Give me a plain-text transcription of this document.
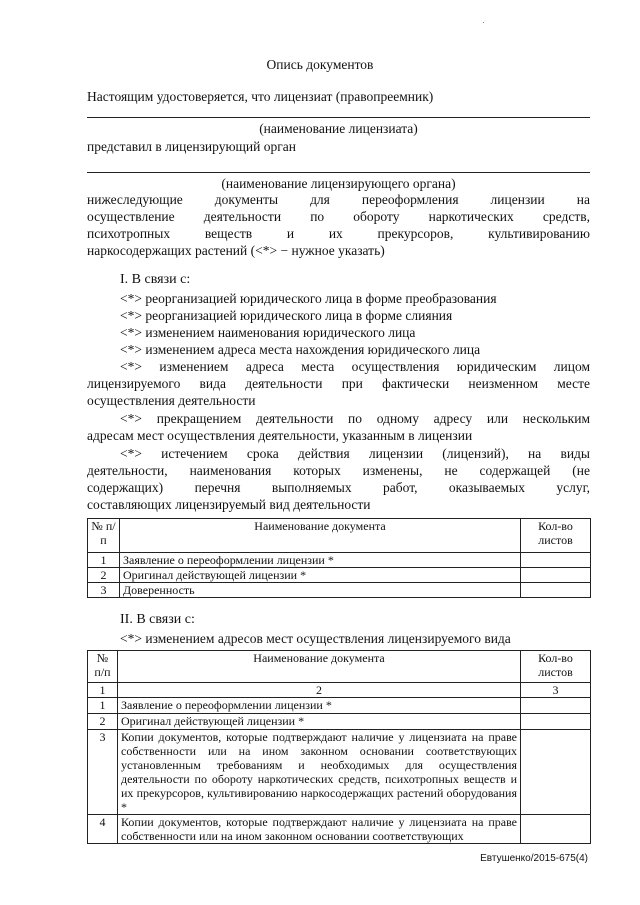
Опись документов
Настоящим удостоверяется, что лицензиат (правопреемник)
(наименование лицензиата)
представил в лицензирующий орган
(наименование лицензирующего органа)
нижеследующие документы для переоформления лицензии на
осуществление деятельности по обороту наркотических средств,
психотропных	веществ	и	их	прекурсоров,	культивированию
наркосодержащих растений (<*> − нужное указать)
I. В связи с:
<*> реорганизацией юридического лица в форме преобразования
<*> реорганизацией юридического лица в форме слияния
<*> изменением наименования юридического лица
<*> изменением адреса места нахождения юридического лица
<*> изменением адреса места осуществления юридическим лицом
лицензируемого вида деятельности при фактически неизменном месте
осуществления деятельности
<*> прекращением деятельности по одному адресу или нескольким
адресам мест осуществления деятельности, указанным в лицензии
<*> истечением срока действия лицензии (лицензий), на виды
деятельности, наименования которых изменены, не содержащей (не
содержащих) перечня выполняемых работ, оказываемых услуг,
составляющих лицензируемый вид деятельности
№ п/п	Наименование документа	Кол-во листов
1	Заявление о переоформлении лицензии *	
2	Оригинал действующей лицензии *	
3	Доверенность	
II. В связи с:
<*> изменением адресов мест осуществления лицензируемого вида
№ п/п	Наименование документа	Кол-во листов
1	2	3
1	Заявление о переоформлении лицензии *	
2	Оригинал действующей лицензии *	
3	Копии документов, которые подтверждают наличие у лицензиата на праве собственности или на ином законном основании соответствующих установленным требованиям и необходимых для осуществления деятельности по обороту наркотических средств, психотропных веществ и их прекурсоров, культивированию наркосодержащих растений оборудования *	
4	Копии документов, которые подтверждают наличие у лицензиата на праве собственности или на ином законном основании соответствующих	
Евтушенко/2015-675(4)
